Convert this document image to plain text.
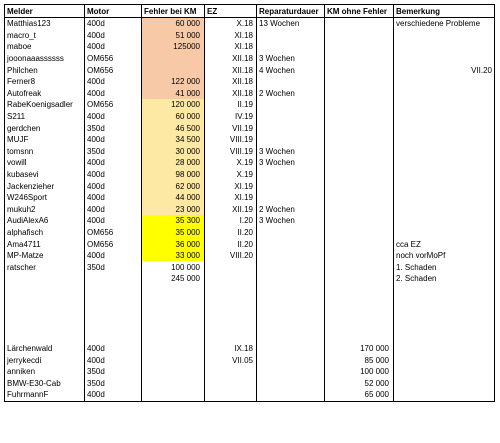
Melder	Motor	Fehler bei KM	EZ	Reparaturdauer	KM ohne Fehler	Bemerkung
Matthias123	400d	60 000	X.18	13 Wochen		verschiedene Probleme

macro_t	400d	51 000	XI.18			

maboe	400d	125000	XI.18			

jooonaaassssss	OM656		XII.18	3 Wochen		

Philchen	OM656		XII.18	4 Wochen		VII.20

Ferner8	400d	122 000	XII.18			

Autofreak	400d	41 000	XII.18	2 Wochen		

RabeKoenigsadler	OM656	120 000	II.19			

S211	400d	60 000	IV.19			

gerdchen	350d	46 500	VII.19			

MUJF	400d	34 500	VIII.19			

tomsnn	350d	30 000	VIII.19	3 Wochen		

vowill	400d	28 000	X.19	3 Wochen		

kubasevi	400d	98 000	X.19			

Jackenzieher	400d	62 000	XI.19			

W246Sport	400d	44 000	XI.19			

mukuh2	400d	23 000	XII.19	2 Wochen		

AudiAlexA6	400d	35 300	I.20	3 Wochen		

alphafisch	OM656	35 000	II.20			

Ama4711	OM656	36 000	II.20			cca EZ

MP-Matze	400d	33 000	VIII.20			noch vorMoPf

ratscher	350d	100 000				1. Schaden

		245 000				2. Schaden

Lärchenwald	400d		IX.18		170 000	

jerrykecdi	400d		VII.05		85 000	

anniken	350d				100 000	

BMW-E30-Cab	350d				52 000	

FuhrmannF	400d				65 000	
